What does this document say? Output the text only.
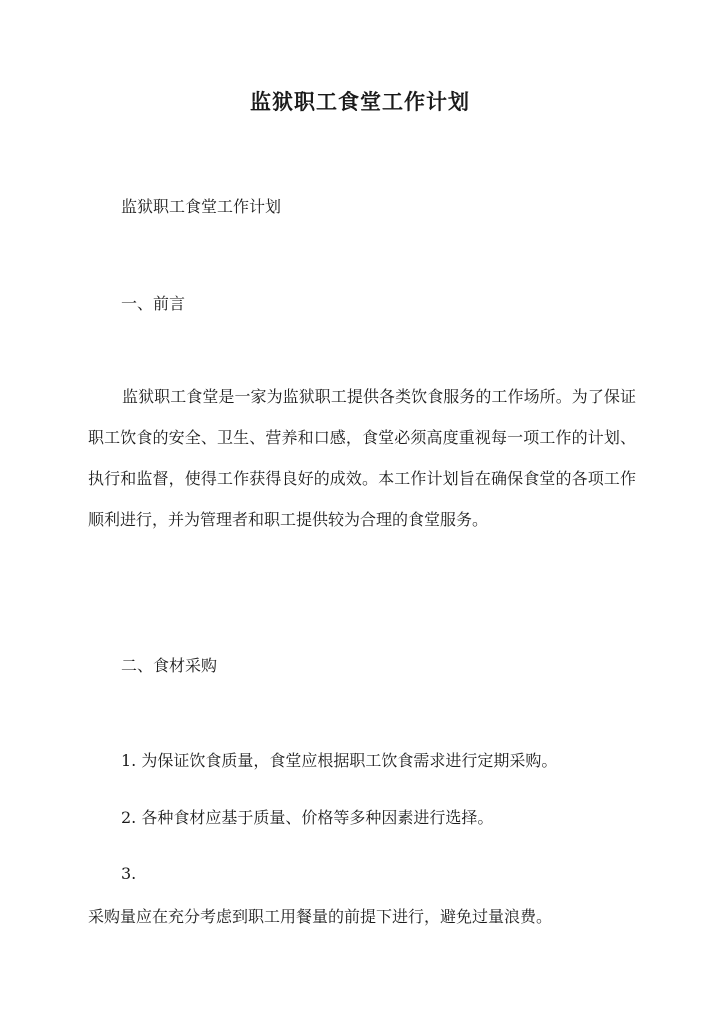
监狱职工食堂工作计划
监狱职工食堂工作计划
一、前言
监狱职工食堂是一家为监狱职工提供各类饮食服务的工作场所。为了保证职工饮食的安全、卫生、营养和口感，食堂必须高度重视每一项工作的计划、执行和监督，使得工作获得良好的成效。本工作计划旨在确保食堂的各项工作顺利进行，并为管理者和职工提供较为合理的食堂服务。
二、食材采购
1. 为保证饮食质量，食堂应根据职工饮食需求进行定期采购。
2. 各种食材应基于质量、价格等多种因素进行选择。
3.
采购量应在充分考虑到职工用餐量的前提下进行，避免过量浪费。
